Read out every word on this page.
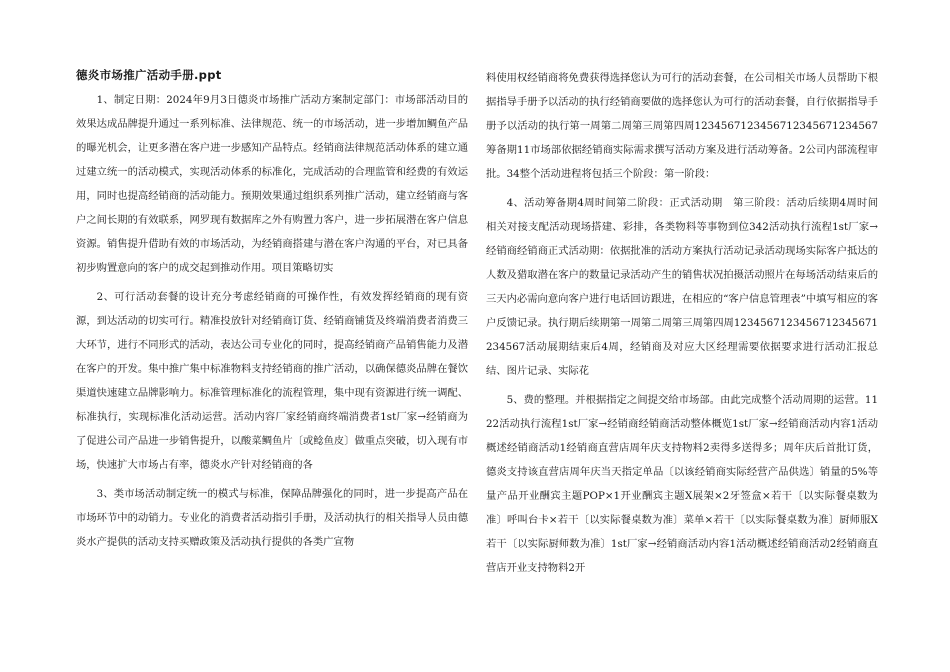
德炎市场推广活动手册.ppt

1、制定日期：2024年9月3日德炎市场推广活动方案制定部门：市场部活动目的效果达成品牌提升通过一系列标准、法律规范、统一的市场活动，进一步增加鲷鱼产品的曝光机会，让更多潜在客户进一步感知产品特点。经销商法律规范活动体系的建立通过建立统一的活动模式，实现活动体系的标准化，完成活动的合理监管和经费的有效运用，同时也提高经销商的活动能力。预期效果通过组织系列推广活动，建立经销商与客户之间长期的有效联系，网罗现有数据库之外有购置力客户，进一步拓展潜在客户信息资源。销售提升借助有效的市场活动，为经销商搭建与潜在客户沟通的平台，对已具备初步购置意向的客户的成交起到推动作用。项目策略切实

2、可行活动套餐的设计充分考虑经销商的可操作性，有效发挥经销商的现有资源，到达活动的切实可行。精准投放针对经销商订货、经销商铺货及终端消费者消费三大环节，进行不同形式的活动，表达公司专业化的同时，提高经销商产品销售能力及潜在客户的开发。集中推广集中标准物料支持经销商的推广活动，以确保德炎品牌在餐饮渠道快速建立品牌影响力。标准管理标准化的流程管理，集中现有资源进行统一调配、标准执行，实现标准化活动运营。活动内容厂家经销商终端消费者1st厂家→经销商为了促进公司产品进一步销售提升，以酸菜鲷鱼片〔或鲶鱼皮〕做重点突破，切入现有市场，快速扩大市场占有率，德炎水产针对经销商的各

3、类市场活动制定统一的模式与标准，保障品牌强化的同时，进一步提高产品在市场环节中的动销力。专业化的消费者活动指引手册，及活动执行的相关指导人员由德炎水产提供的活动支持买赠政策及活动执行提供的各类广宣物

料使用权经销商将免费获得选择您认为可行的活动套餐，在公司相关市场人员帮助下根据指导手册予以活动的执行经销商要做的选择您认为可行的活动套餐，自行依据指导手册予以活动的执行第一周第二周第三周第四周1234567123456712345671234567筹备期11市场部依据经销商实际需求撰写活动方案及进行活动筹备。2公司内部流程审批。34整个活动进程将包括三个阶段：第一阶段：

4、活动筹备期4周时间第二阶段：正式活动期　第三阶段：活动后续期4周时间　相关对接支配活动现场搭建、彩排，各类物料等事物到位342活动执行流程1st厂家→经销商经销商正式活动期：依据批准的活动方案执行活动记录活动现场实际客户抵达的人数及猎取潜在客户的数量记录活动产生的销售状况拍摄活动照片在每场活动结束后的三天内必需向意向客户进行电话回访跟进，在相应的“客户信息管理表”中填写相应的客户反馈记录。执行期后续期第一周第二周第三周第四周1234567123456712345671234567活动展期结束后4周，经销商及对应大区经理需要依据要求进行活动汇报总结、图片记录、实际花

5、费的整理。并根据指定之间提交给市场部。由此完成整个活动周期的运营。1122活动执行流程1st厂家→经销商经销商活动整体概览1st厂家→经销商活动内容1活动概述经销商活动1经销商直营店周年庆支持物料2卖得多送得多；周年庆后首批订货，德炎支持该直营店周年庆当天指定单品〔以该经销商实际经营产品供选〕销量的5%等量产品开业酬宾主题POP×1开业酬宾主题X展架×2牙签盒×若干〔以实际餐桌数为准〕呼叫台卡×若干〔以实际餐桌数为准〕菜单×若干〔以实际餐桌数为准〕厨师服X若干〔以实际厨师数为准〕1st厂家→经销商活动内容1活动概述经销商活动2经销商直营店开业支持物料2开
